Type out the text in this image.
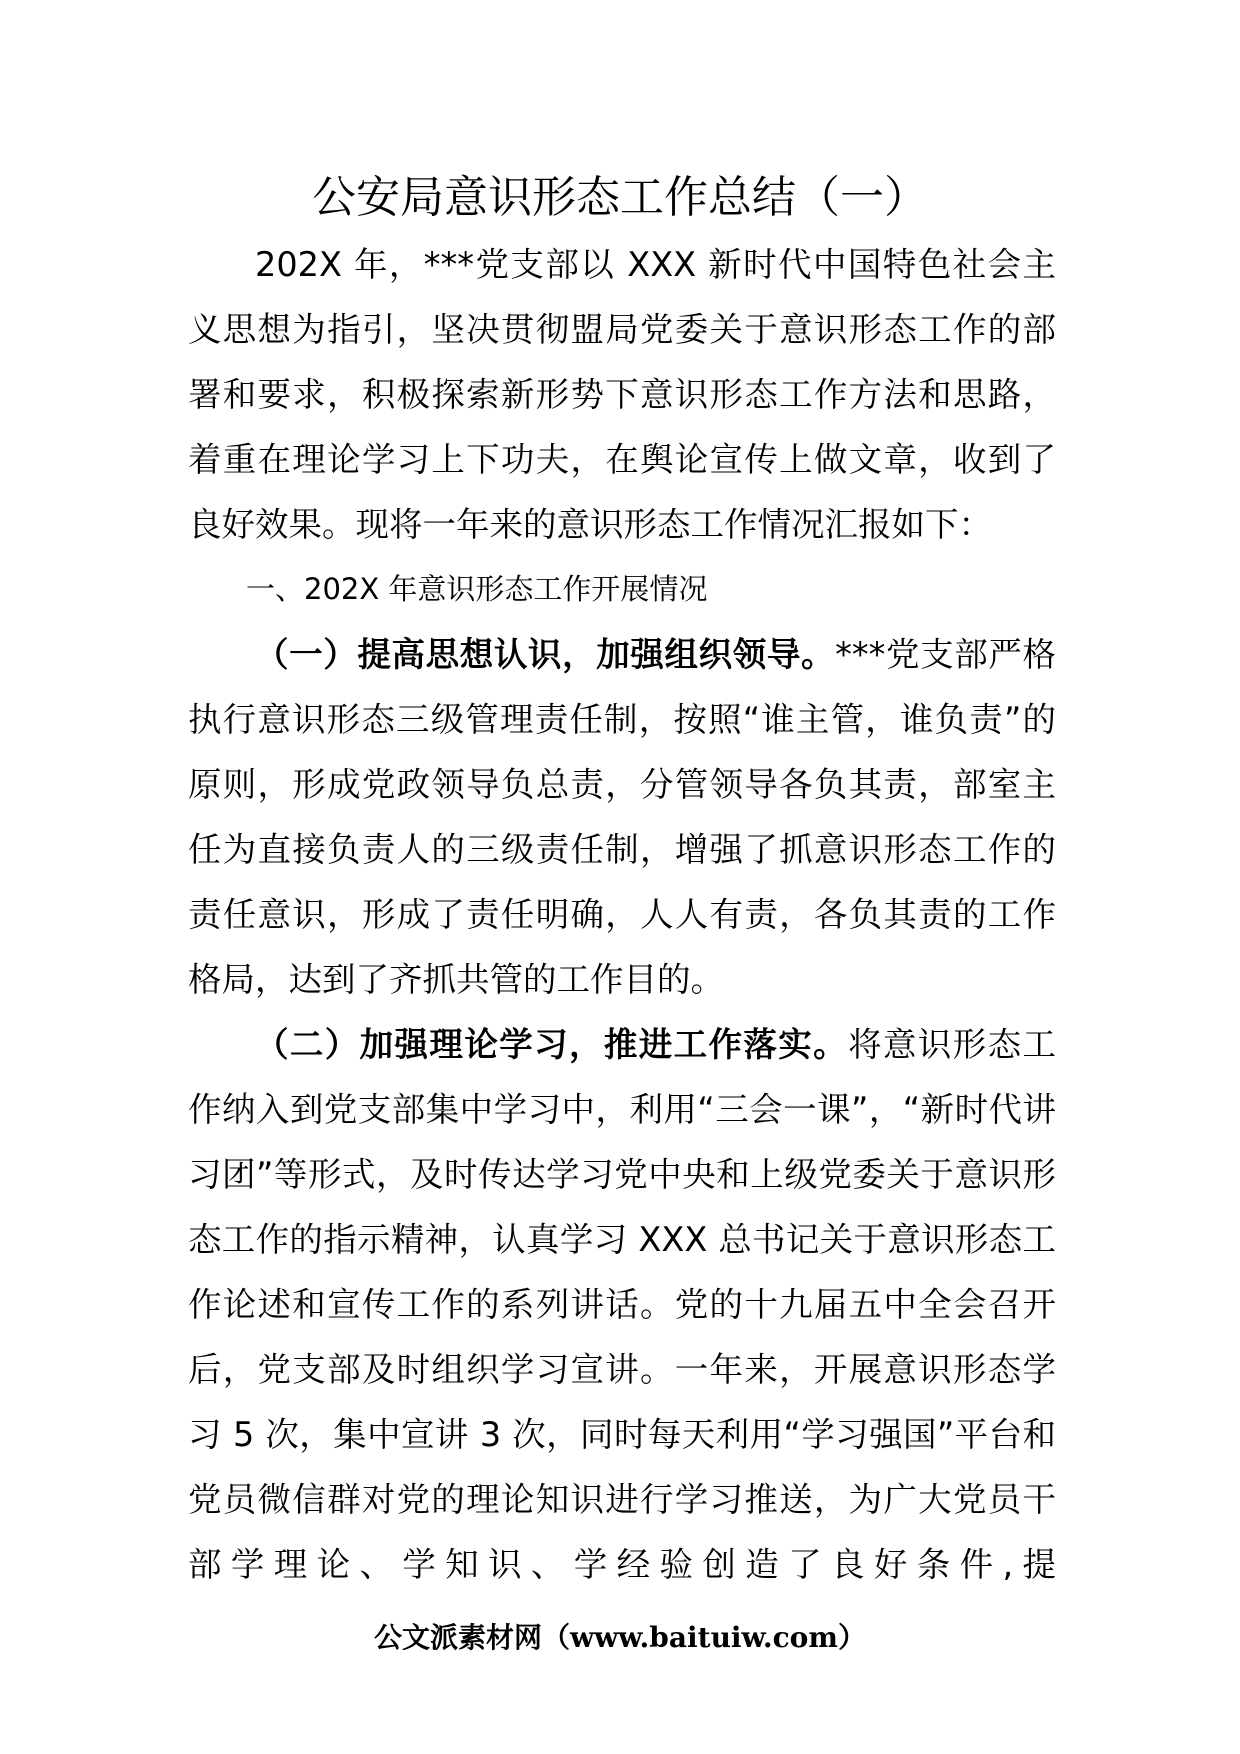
公安局意识形态工作总结（一）

202X 年，***党支部以 XXX 新时代中国特色社会主义思想为指引，坚决贯彻盟局党委关于意识形态工作的部署和要求，积极探索新形势下意识形态工作方法和思路，着重在理论学习上下功夫，在舆论宣传上做文章，收到了良好效果。现将一年来的意识形态工作情况汇报如下：

一、202X 年意识形态工作开展情况

（一）提高思想认识，加强组织领导。***党支部严格执行意识形态三级管理责任制，按照“谁主管，谁负责”的原则，形成党政领导负总责，分管领导各负其责，部室主任为直接负责人的三级责任制，增强了抓意识形态工作的责任意识，形成了责任明确，人人有责，各负其责的工作格局，达到了齐抓共管的工作目的。

（二）加强理论学习，推进工作落实。将意识形态工作纳入到党支部集中学习中，利用“三会一课”，“新时代讲习团”等形式，及时传达学习党中央和上级党委关于意识形态工作的指示精神，认真学习 XXX 总书记关于意识形态工作论述和宣传工作的系列讲话。党的十九届五中全会召开后，党支部及时组织学习宣讲。一年来，开展意识形态学习 5 次，集中宣讲 3 次，同时每天利用“学习强国”平台和党员微信群对党的理论知识进行学习推送，为广大党员干部学理论、学知识、学经验创造了良好条件,提

公文派素材网（www.baituiw.com）
